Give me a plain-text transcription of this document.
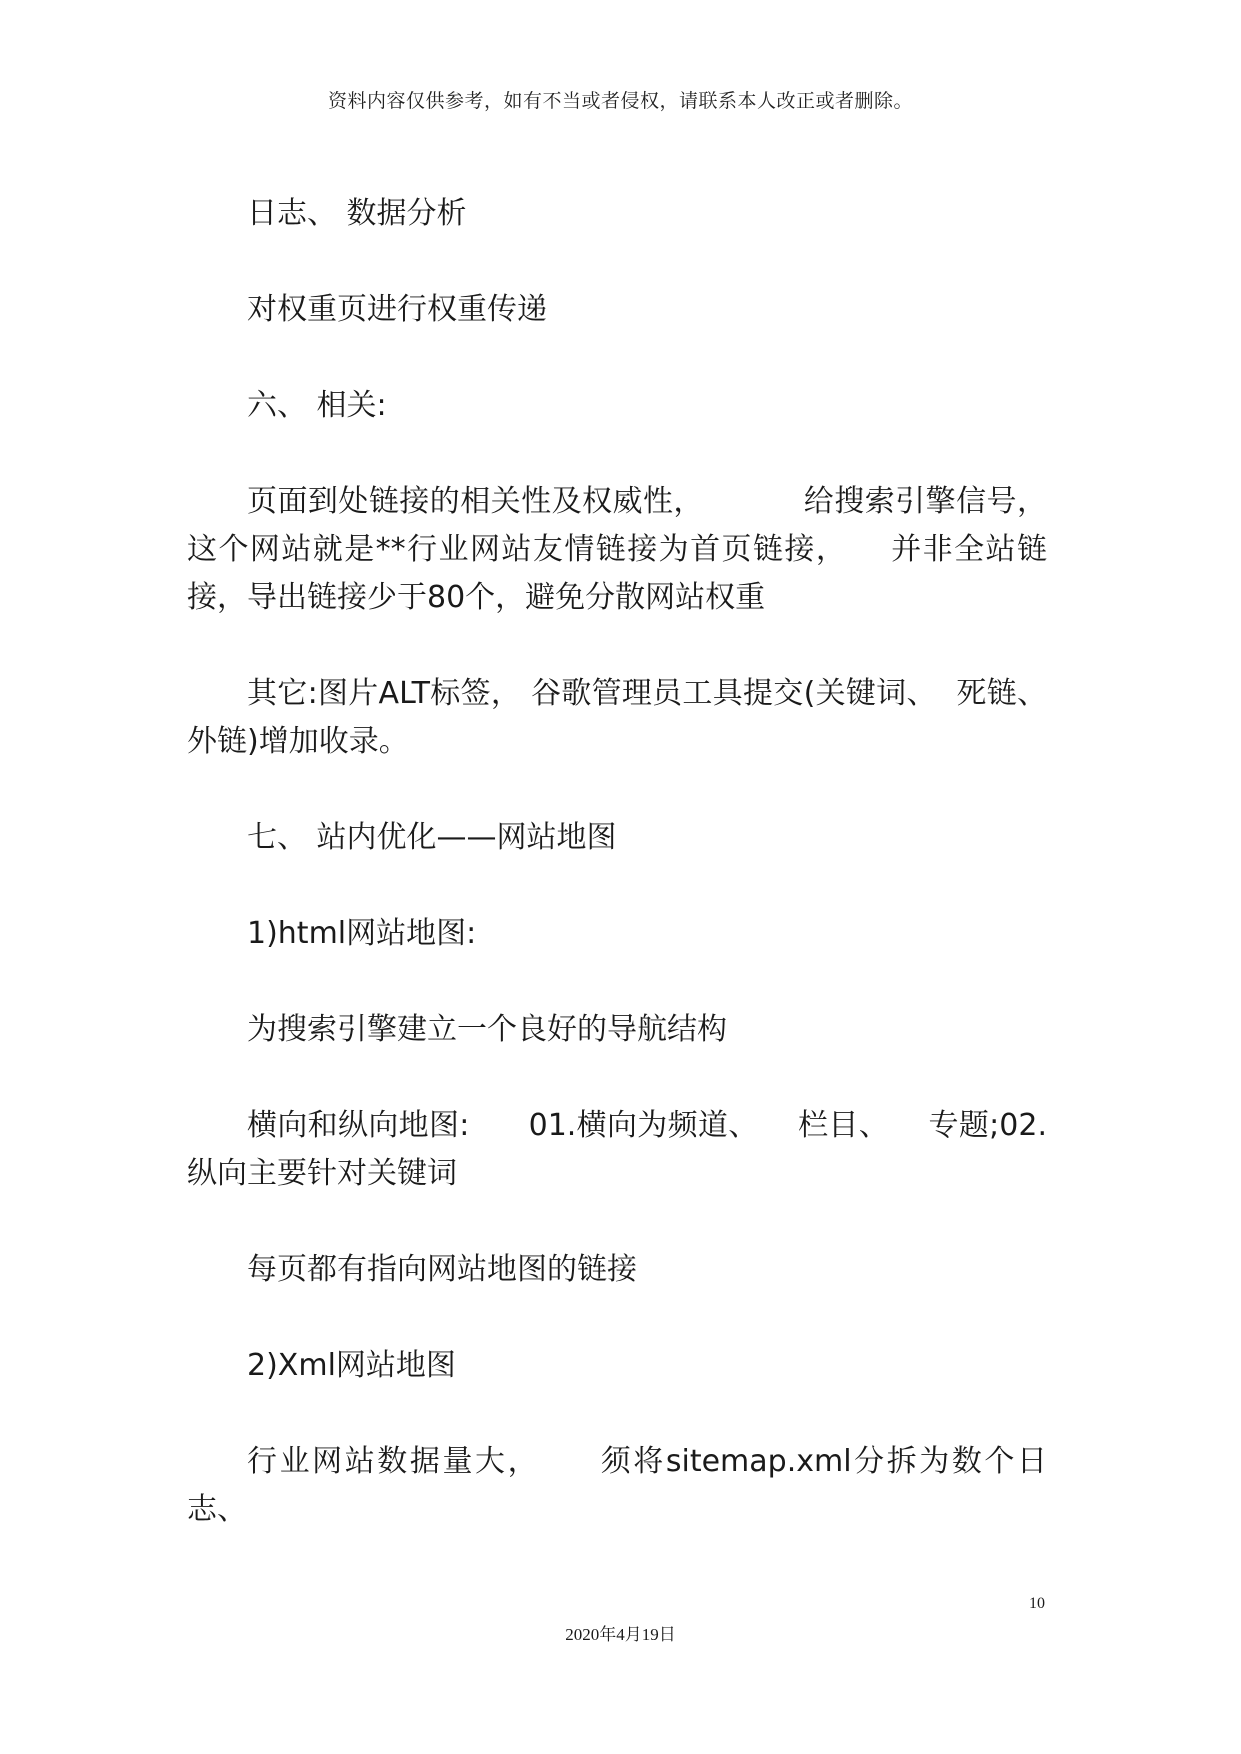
资料内容仅供参考，如有不当或者侵权，请联系本人改正或者删除。

日志、 数据分析

对权重页进行权重传递

六、 相关:

页面到处链接的相关性及权威性，          给搜索引擎信号，这个网站就是**行业网站友情链接为首页链接，    并非全站链接，导出链接少于80个，避免分散网站权重

其它:图片ALT标签， 谷歌管理员工具提交(关键词、  死链、外链)增加收录。

七、 站内优化——网站地图

1)html网站地图:

为搜索引擎建立一个良好的导航结构

横向和纵向地图:      01.横向为频道、    栏目、    专题;02.纵向主要针对关键词

每页都有指向网站地图的链接

2)Xml网站地图

行业网站数据量大，     须将sitemap.xml分拆为数个日志、

10
2020年4月19日
